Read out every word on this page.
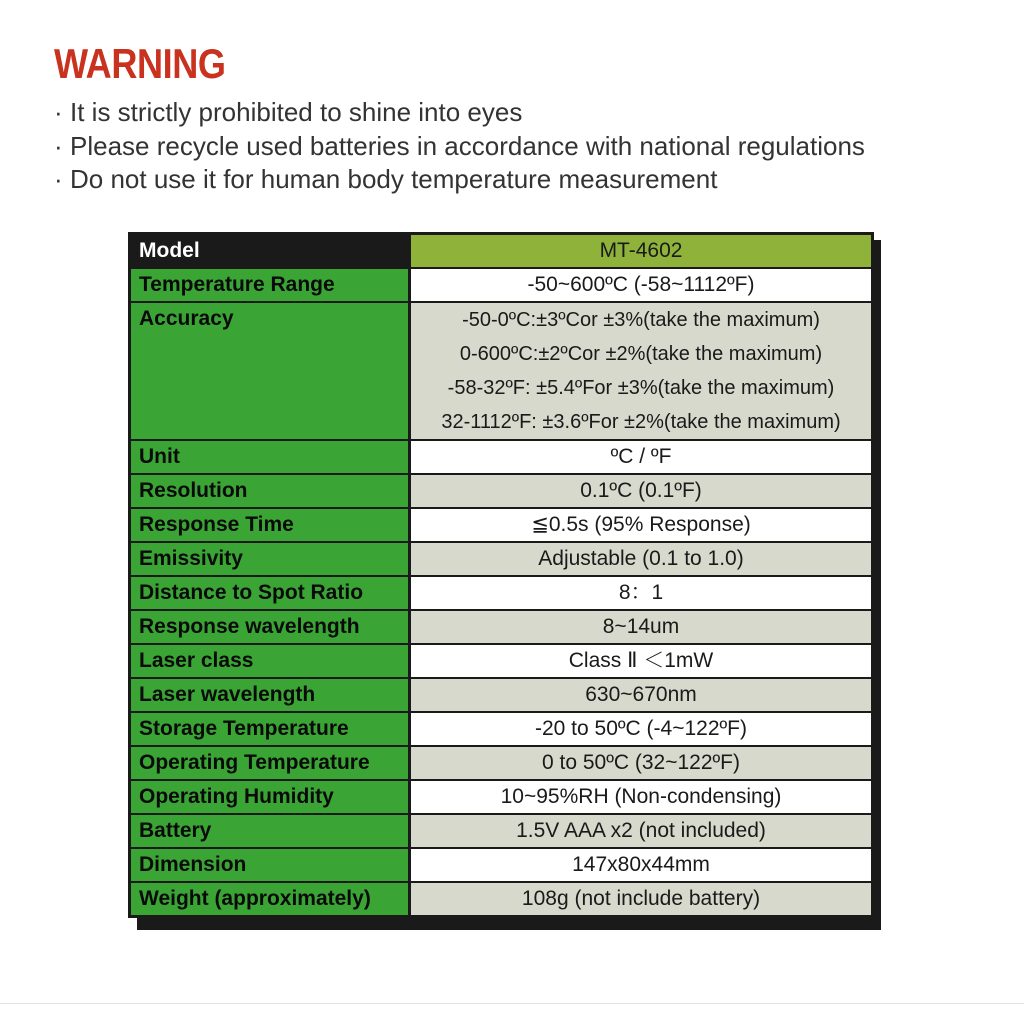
WARNING
· It is strictly prohibited to shine into eyes
· Please recycle used batteries in accordance with national regulations
· Do not use it for human body temperature measurement
Model	MT-4602
Temperature Range	-50~600ºC (-58~1112ºF)
Accuracy	-50-0ºC:±3ºCor ±3%(take the maximum)
0-600ºC:±2ºCor ±2%(take the maximum)
-58-32ºF: ±5.4ºFor ±3%(take the maximum)
32-1112ºF: ±3.6ºFor ±2%(take the maximum)

Unit	ºC / ºF
Resolution	0.1ºC (0.1ºF)
Response Time	≦0.5s (95% Response)
Emissivity	Adjustable (0.1 to 1.0)
Distance to Spot Ratio	8：1
Response wavelength	8~14um
Laser class	Class Ⅱ ＜1mW
Laser wavelength	630~670nm
Storage Temperature	-20 to 50ºC (-4~122ºF)
Operating Temperature	0 to 50ºC (32~122ºF)
Operating Humidity	10~95%RH (Non-condensing)
Battery	1.5V AAA x2 (not included)
Dimension	147x80x44mm
Weight (approximately)	108g (not include battery)
